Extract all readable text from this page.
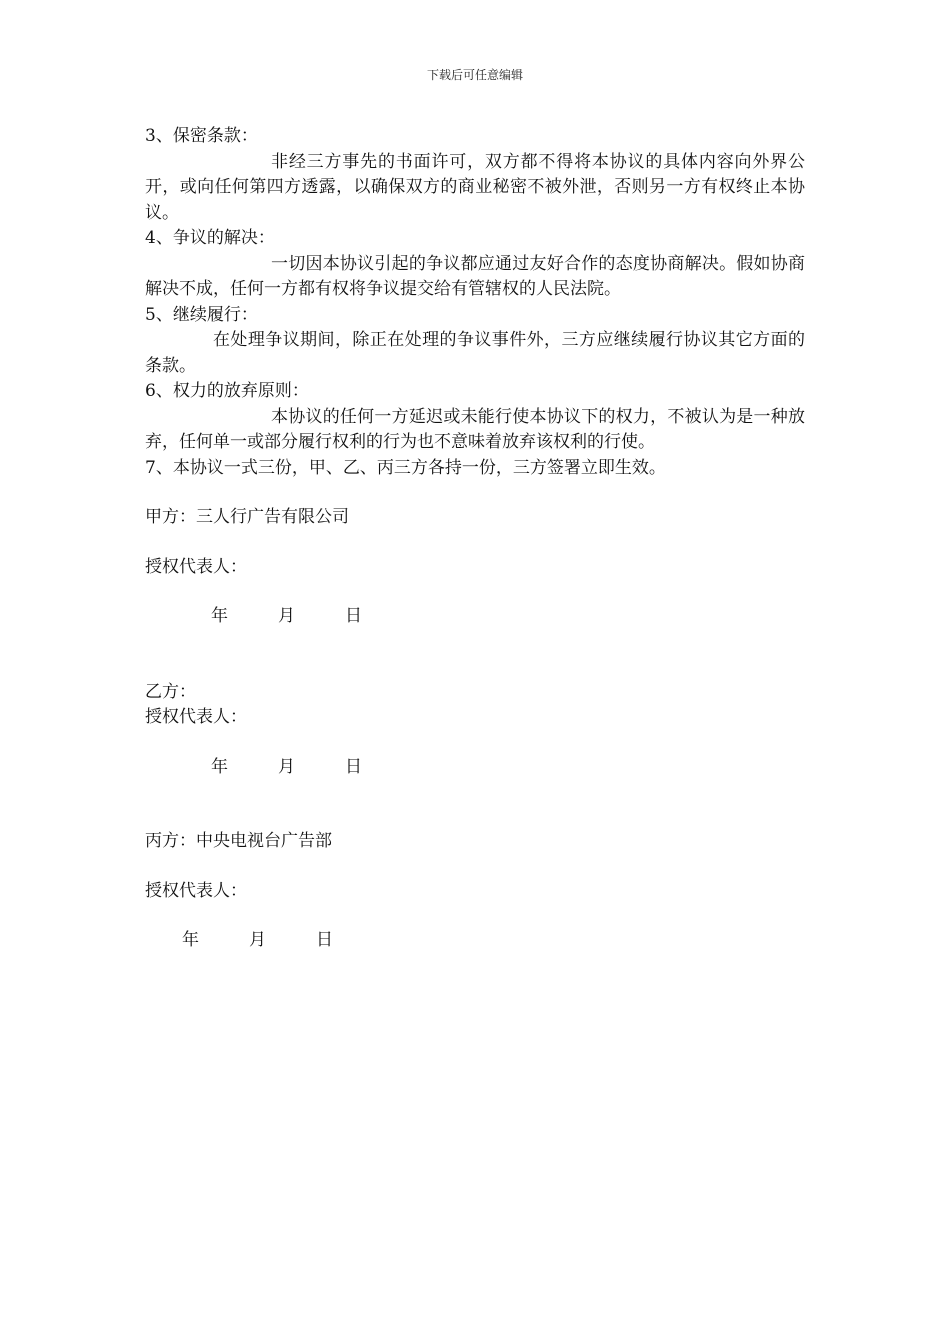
下载后可任意编辑
3、保密条款：

非经三方事先的书面许可，双方都不得将本协议的具体内容向外界公开，或向任何第四方透露，以确保双方的商业秘密不被外泄，否则另一方有权终止本协议。

4、争议的解决：

一切因本协议引起的争议都应通过友好合作的态度协商解决。假如协商解决不成，任何一方都有权将争议提交给有管辖权的人民法院。

5、继续履行：

在处理争议期间，除正在处理的争议事件外，三方应继续履行协议其它方面的条款。

6、权力的放弃原则：

本协议的任何一方延迟或未能行使本协议下的权力，不被认为是一种放弃，任何单一或部分履行权利的行为也不意味着放弃该权利的行使。

7、本协议一式三份，甲、乙、丙三方各持一份，三方签署立即生效。
甲方：三人行广告有限公司
授权代表人：
年	月	日
乙方：
授权代表人：
年	月	日
丙方：中央电视台广告部
授权代表人：
年	月	日
